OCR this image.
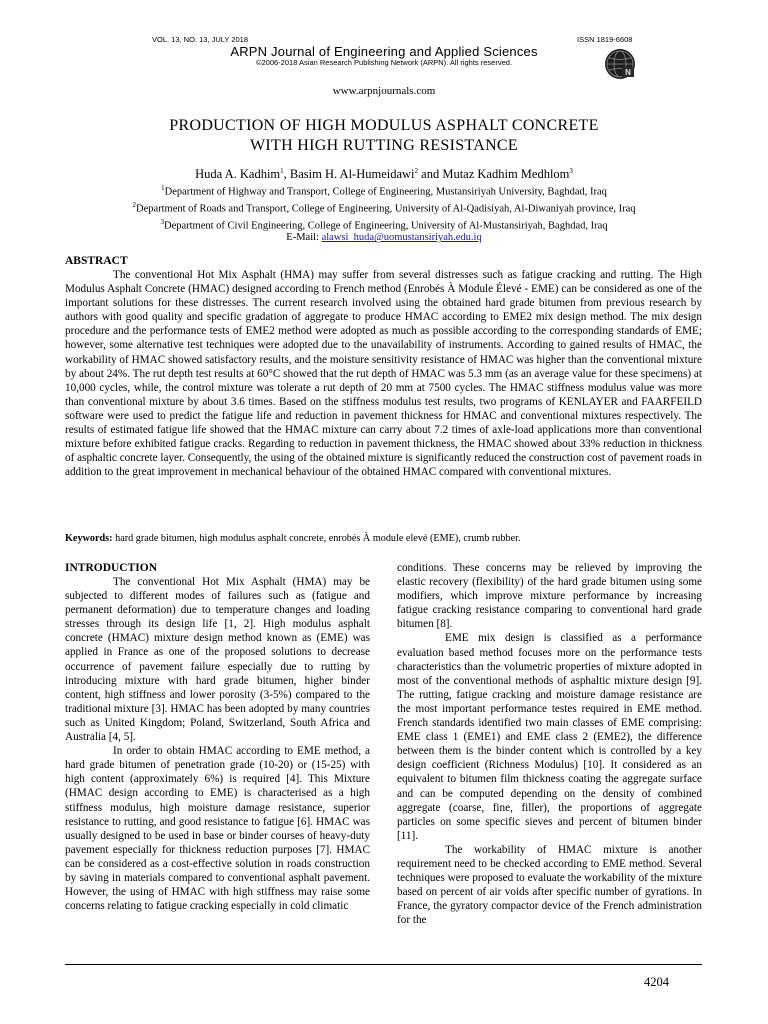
VOL. 13, NO. 13, JULY 2018	ISSN 1819-6608
ARPN Journal of Engineering and Applied Sciences
©2006-2018 Asian Research Publishing Network (ARPN). All rights reserved.
N
www.arpnjournals.com
PRODUCTION OF HIGH MODULUS ASPHALT CONCRETE
WITH HIGH RUTTING RESISTANCE
Huda A. Kadhim$^1$, Basim H. Al-Humeidawi$^2$ and Mutaz Kadhim Medhlom$^3$
$^1$Department of Highway and Transport, College of Engineering, Mustansiriyah University, Baghdad, Iraq
$^2$Department of Roads and Transport, College of Engineering, University of Al-Qadisiyah, Al-Diwaniyah province, Iraq
$^3$Department of Civil Engineering, College of Engineering, University of Al-Mustansiriyah, Baghdad, Iraq
E-Mail: alawsi_huda@uomustansiriyah.edu.iq
ABSTRACT
The conventional Hot Mix Asphalt (HMA) may suffer from several distresses such as fatigue cracking and rutting. The High Modulus Asphalt Concrete (HMAC) designed according to French method (Enrobés À Module Élevé - EME) can be considered as one of the important solutions for these distresses. The current research involved using the obtained hard grade bitumen from previous research by authors with good quality and specific gradation of aggregate to produce HMAC according to EME2 mix design method. The mix design procedure and the performance tests of EME2 method were adopted as much as possible according to the corresponding standards of EME; however, some alternative test techniques were adopted due to the unavailability of instruments. According to gained results of HMAC, the workability of HMAC showed satisfactory results, and the moisture sensitivity resistance of HMAC was higher than the conventional mixture by about 24%. The rut depth test results at 60°C showed that the rut depth of HMAC was 5.3 mm (as an average value for these specimens) at 10,000 cycles, while, the control mixture was tolerate a rut depth of 20 mm at 7500 cycles. The HMAC stiffness modulus value was more than conventional mixture by about 3.6 times. Based on the stiffness modulus test results, two programs of KENLAYER and FAARFEILD software were used to predict the fatigue life and reduction in pavement thickness for HMAC and conventional mixtures respectively. The results of estimated fatigue life showed that the HMAC mixture can carry about 7.2 times of axle-load applications more than conventional mixture before exhibited fatigue cracks. Regarding to reduction in pavement thickness, the HMAC showed about 33% reduction in thickness of asphaltic concrete layer. Consequently, the using of the obtained mixture is significantly reduced the construction cost of pavement roads in addition to the great improvement in mechanical behaviour of the obtained HMAC compared with conventional mixtures.
Keywords: hard grade bitumen, high modulus asphalt concrete, enrobés À module elevé (EME), crumb rubber.
INTRODUCTION

The conventional Hot Mix Asphalt (HMA) may be subjected to different modes of failures such as (fatigue and permanent deformation) due to temperature changes and loading stresses through its design life [1, 2]. High modulus asphalt concrete (HMAC) mixture design method known as (EME) was applied in France as one of the proposed solutions to decrease occurrence of pavement failure especially due to rutting by introducing mixture with hard grade bitumen, higher binder content, high stiffness and lower porosity (3-5%) compared to the traditional mixture [3]. HMAC has been adopted by many countries such as United Kingdom; Poland, Switzerland, South Africa and Australia [4, 5].

In order to obtain HMAC according to EME method, a hard grade bitumen of penetration grade (10-20) or (15-25) with high content (approximately 6%) is required [4]. This Mixture (HMAC design according to EME) is characterised as a high stiffness modulus, high moisture damage resistance, superior resistance to rutting, and good resistance to fatigue [6]. HMAC was usually designed to be used in base or binder courses of heavy-duty pavement especially for thickness reduction purposes [7]. HMAC can be considered as a cost-effective solution in roads construction by saving in materials compared to conventional asphalt pavement. However, the using of HMAC with high stiffness may raise some concerns relating to fatigue cracking especially in cold climatic

conditions. These concerns may be relieved by improving the elastic recovery (flexibility) of the hard grade bitumen using some modifiers, which improve mixture performance by increasing fatigue cracking resistance comparing to conventional hard grade bitumen [8].

EME mix design is classified as a performance evaluation based method focuses more on the performance tests characteristics than the volumetric properties of mixture adopted in most of the conventional methods of asphaltic mixture design [9]. The rutting, fatigue cracking and moisture damage resistance are the most important performance testes required in EME method. French standards identified two main classes of EME comprising: EME class 1 (EME1) and EME class 2 (EME2), the difference between them is the binder content which is controlled by a key design coefficient (Richness Modulus) [10]. It considered as an equivalent to bitumen film thickness coating the aggregate surface and can be computed depending on the density of combined aggregate (coarse, fine, filler), the proportions of aggregate particles on some specific sieves and percent of bitumen binder [11].

The workability of HMAC mixture is another requirement need to be checked according to EME method. Several techniques were proposed to evaluate the workability of the mixture based on percent of air voids after specific number of gyrations. In France, the gyratory compactor device of the French administration for the

4204
